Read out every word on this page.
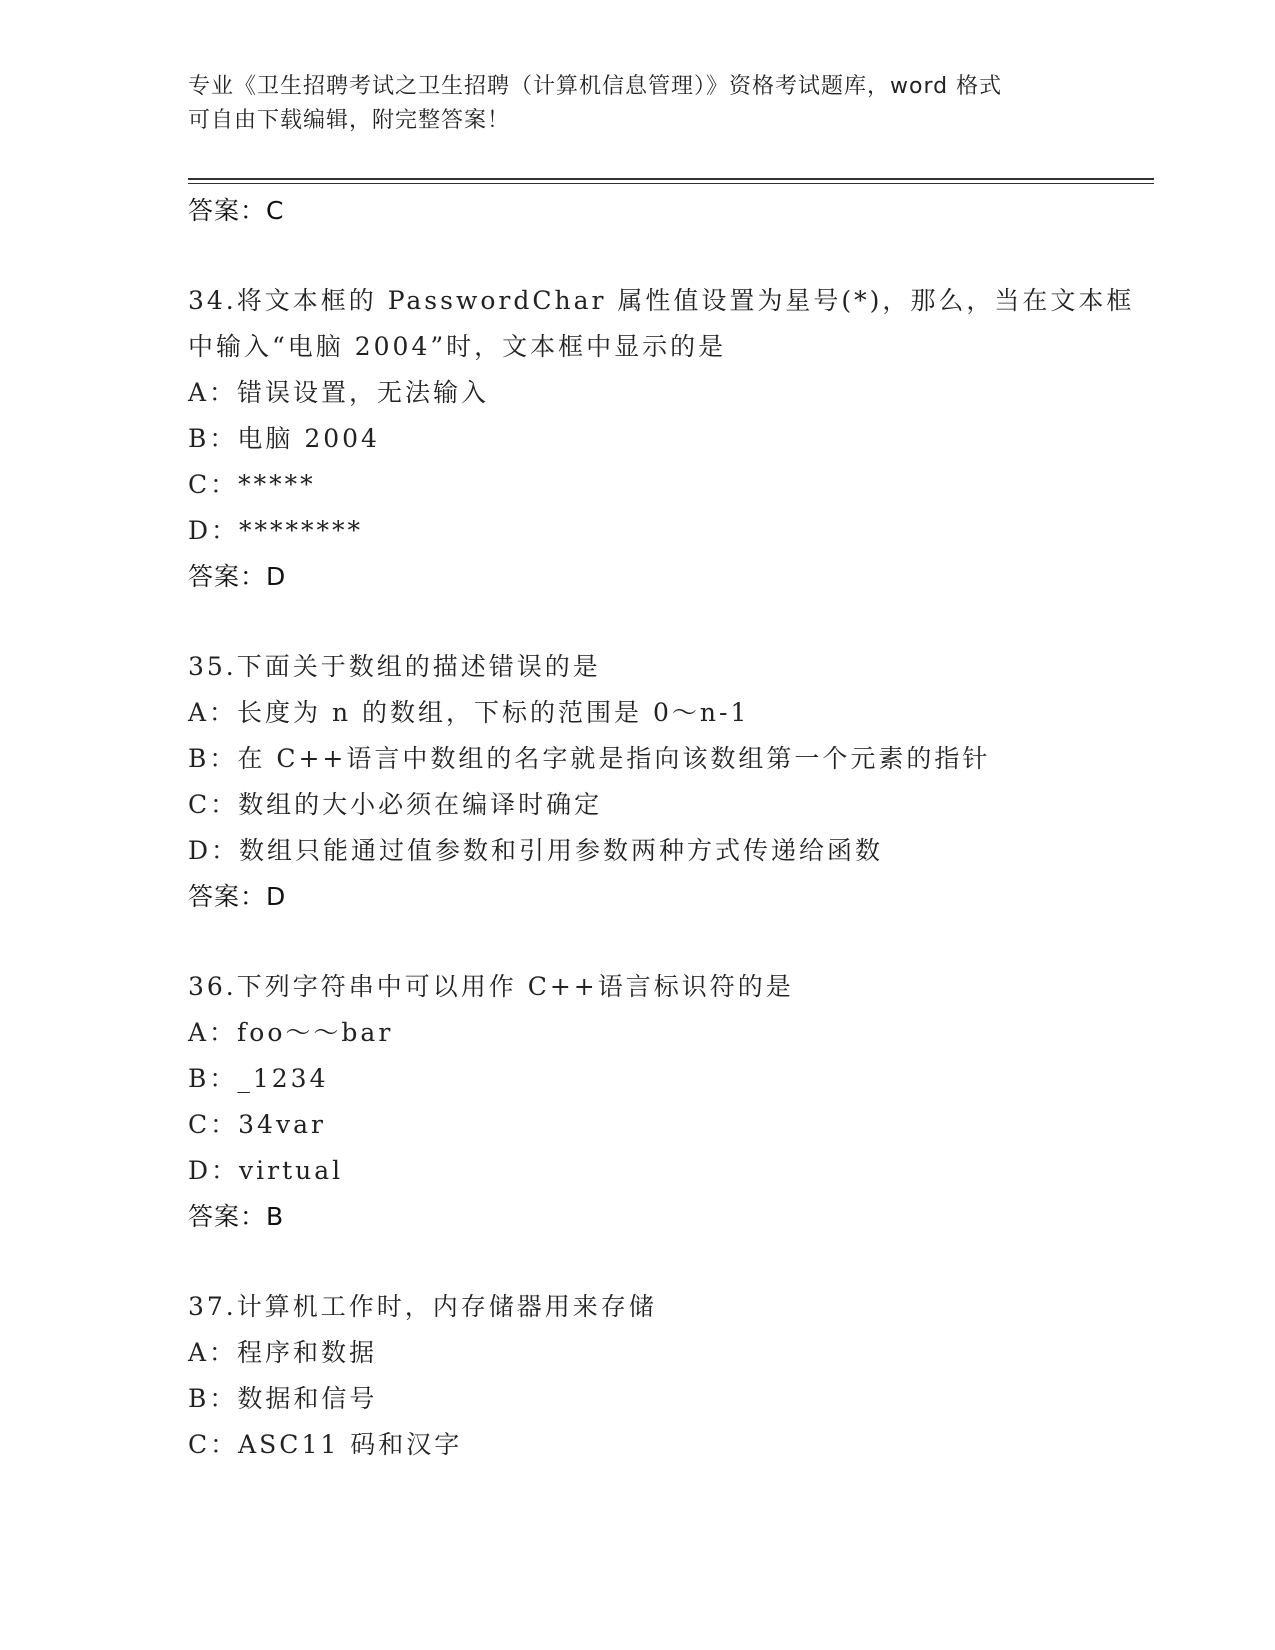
专业《卫生招聘考试之卫生招聘（计算机信息管理）》资格考试题库，word 格式
可自由下载编辑，附完整答案！
答案：C
34.将文本框的 PasswordChar 属性值设置为星号(*)，那么，当在文本框中输入“电脑 2004”时，文本框中显示的是
A：错误设置，无法输入
B：电脑 2004
C：*****
D：********
答案：D
35.下面关于数组的描述错误的是
A：长度为 n 的数组，下标的范围是 0～n-1
B：在 C++语言中数组的名字就是指向该数组第一个元素的指针
C：数组的大小必须在编译时确定
D：数组只能通过值参数和引用参数两种方式传递给函数
答案：D
36.下列字符串中可以用作 C++语言标识符的是
A：foo～～bar
B：_1234
C：34var
D：virtual
答案：B
37.计算机工作时，内存储器用来存储
A：程序和数据
B：数据和信号
C：ASC11 码和汉字
